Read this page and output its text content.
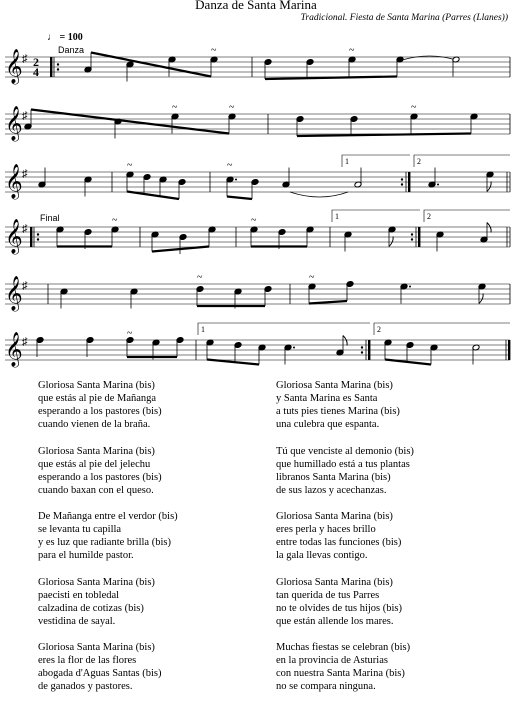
Danza de Santa Marina
Tradicional. Fiesta de Santa Marina (Parres (Llanes))
♩ = 100
𝄞 ♯
𝄞 ♯
𝄞 ♯
𝄞 ♯
𝄞 ♯
𝄞 ♯
2
4
Danza
Final
~	~
~	~	~
~	~	1	2
~	~	1	2
~	~
~	1	2
Gloriosa Santa Marina (bis)
que estás al pie de Mañanga
esperando a los pastores (bis)
cuando vienen de la braña.
Gloriosa Santa Marina (bis)
que estás al pie del jelechu
esperando a los pastores (bis)
cuando baxan con el queso.
De Mañanga entre el verdor (bis)
se levanta tu capilla
y es luz que radiante brilla (bis)
para el humilde pastor.
Gloriosa Santa Marina (bis)
paecisti en tobledal
calzadina de cotizas (bis)
vestidina de sayal.
Gloriosa Santa Marina (bis)
eres la flor de las flores
abogada d'Aguas Santas (bis)
de ganados y pastores.
Gloriosa Santa Marina (bis)
y Santa Marina es Santa
a tuts pies tienes Marina (bis)
una culebra que espanta.
Tú que venciste al demonio (bis)
que humillado está a tus plantas
libranos Santa Marina (bis)
de sus lazos y acechanzas.
Gloriosa Santa Marina (bis)
eres perla y haces brillo
entre todas las funciones (bis)
la gala llevas contigo.
Gloriosa Santa Marina (bis)
tan querida de tus Parres
no te olvides de tus hijos (bis)
que están allende los mares.
Muchas fiestas se celebran (bis)
en la provincia de Asturias
con nuestra Santa Marina (bis)
no se compara ninguna.
